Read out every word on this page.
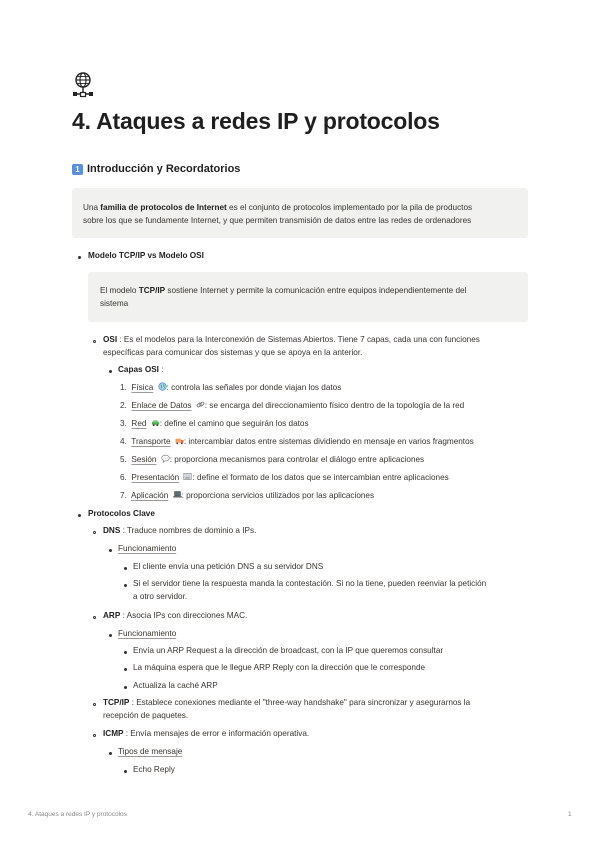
4. Ataques a redes IP y protocolos
1 Introducción y Recordatorios
Una familia de protocolos de Internet es el conjunto de protocolos implementado por la pila de productos
sobre los que se fundamente Internet, y que permiten transmisión de datos entre las redes de ordenadores
Modelo TCP/IP vs Modelo OSI
El modelo TCP/IP sostiene Internet y permite la comunicación entre equipos independientemente del
sistema
OSI : Es el modelos para la Interconexión de Sistemas Abiertos. Tiene 7 capas, cada una con funciones
específicas para comunicar dos sistemas y que se apoya en la anterior.
Capas OSI :
1. Física : controla las señales por donde viajan los datos
2. Enlace de Datos : se encarga del direccionamiento físico dentro de la topología de la red
3. Red : define el camino que seguirán los datos
4. Transporte : intercambiar datos entre sistemas dividiendo en mensaje en varios fragmentos
5. Sesión : proporciona mecanismos para controlar el diálogo entre aplicaciones
6. Presentación : define el formato de los datos que se intercambian entre aplicaciones
7. Aplicación : proporciona servicios utilizados por las aplicaciones
Protocolos Clave
DNS : Traduce nombres de dominio a IPs.
Funcionamiento
El cliente envía una petición DNS a su servidor DNS
Si el servidor tiene la respuesta manda la contestación. Si no la tiene, pueden reenviar la petición
a otro servidor.
ARP : Asocia IPs con direcciones MAC.
Funcionamiento
Envía un ARP Request a la dirección de broadcast, con la IP que queremos consultar
La máquina espera que le llegue ARP Reply con la dirección que le corresponde
Actualiza la caché ARP
TCP/IP : Establece conexiones mediante el "three-way handshake" para sincronizar y asegurarnos la
recepción de paquetes.
ICMP : Envía mensajes de error e información operativa.
Tipos de mensaje
Echo Reply
4. Ataques a redes IP y protocolos	1
